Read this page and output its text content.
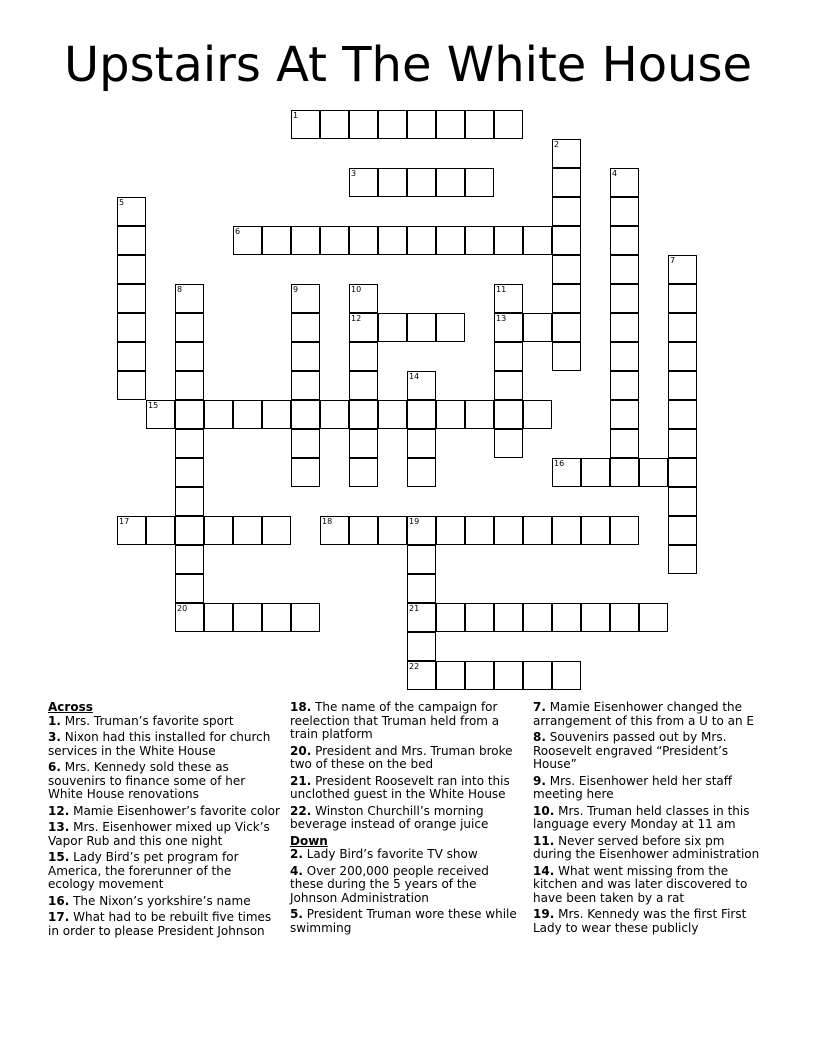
Upstairs At The White House
1
2
3	4
5
6
7
8
20
9	10
12
11
13
14
15
16
17	18	19
21
22
Across
1. Mrs. Truman’s favorite sport
3. Nixon had this installed for church services in the White House
6. Mrs. Kennedy sold these as souvenirs to finance some of her White House renovations
12. Mamie Eisenhower’s favorite color
13. Mrs. Eisenhower mixed up Vick’s Vapor Rub and this one night
15. Lady Bird’s pet program for America, the forerunner of the ecology movement
16. The Nixon’s yorkshire’s name
17. What had to be rebuilt five times in order to please President Johnson
18. The name of the campaign for reelection that Truman held from a train platform
20. President and Mrs. Truman broke two of these on the bed
21. President Roosevelt ran into this unclothed guest in the White House
22. Winston Churchill’s morning beverage instead of orange juice
Down
2. Lady Bird’s favorite TV show
4. Over 200,000 people received these during the 5 years of the Johnson Administration
5. President Truman wore these while swimming
7. Mamie Eisenhower changed the arrangement of this from a U to an E
8. Souvenirs passed out by Mrs. Roosevelt engraved “President’s House”
9. Mrs. Eisenhower held her staff meeting here
10. Mrs. Truman held classes in this language every Monday at 11 am
11. Never served before six pm during the Eisenhower administration
14. What went missing from the kitchen and was later discovered to have been taken by a rat
19. Mrs. Kennedy was the first First Lady to wear these publicly
